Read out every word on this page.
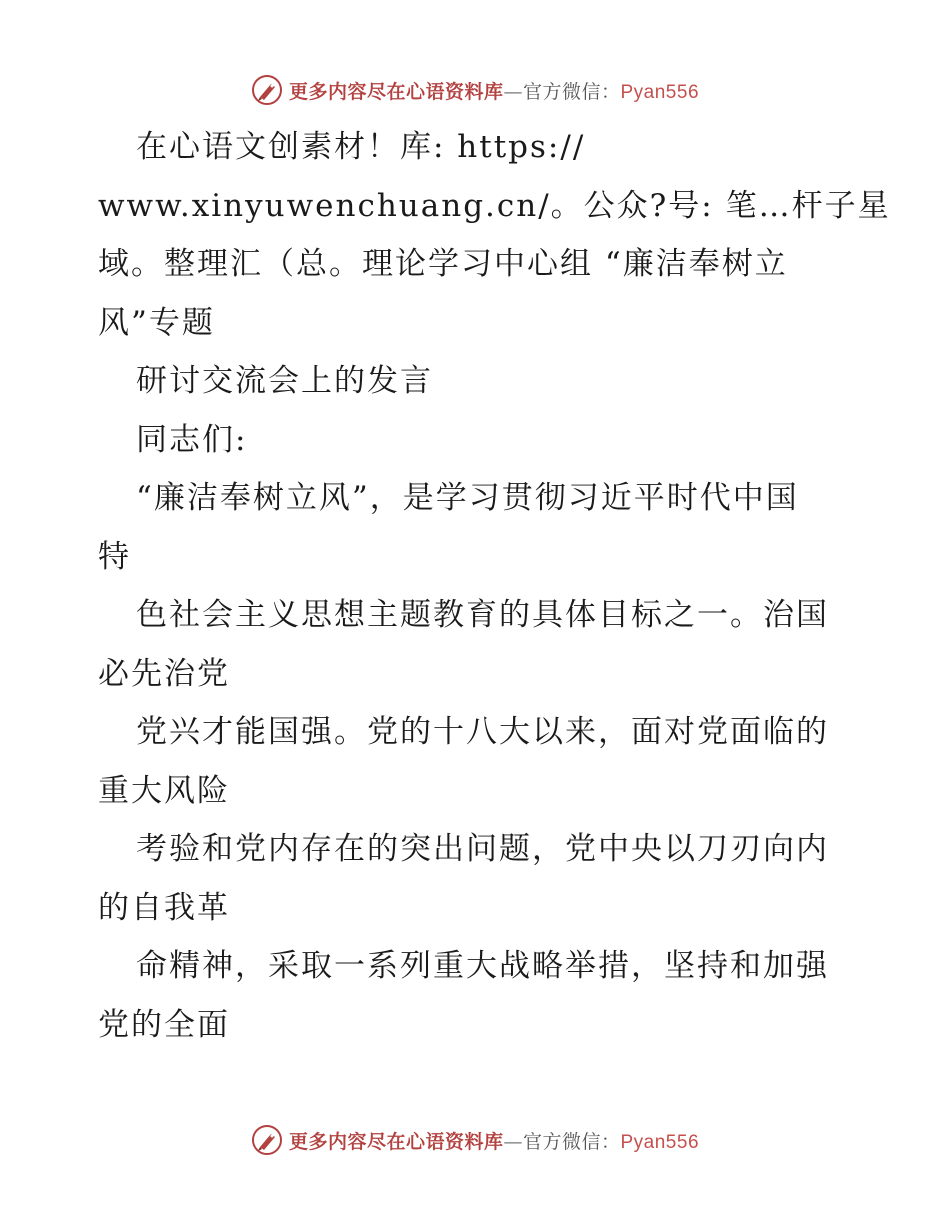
更多内容尽在心语资料库—官方微信：Pyan556
在心语文创素材！库: https://
www.xinyuwenchuang.cn/。公众?号: 笔…杆子星
域。整理汇（总。理论学习中心组 “廉洁奉树立
风”专题
研讨交流会上的发言
同志们:
“廉洁奉树立风”，是学习贯彻习近平时代中国
特
色社会主义思想主题教育的具体目标之一。治国
必先治党
党兴才能国强。党的十八大以来，面对党面临的
重大风险
考验和党内存在的突出问题，党中央以刀刃向内
的自我革
命精神，采取一系列重大战略举措，坚持和加强
党的全面
更多内容尽在心语资料库—官方微信：Pyan556
